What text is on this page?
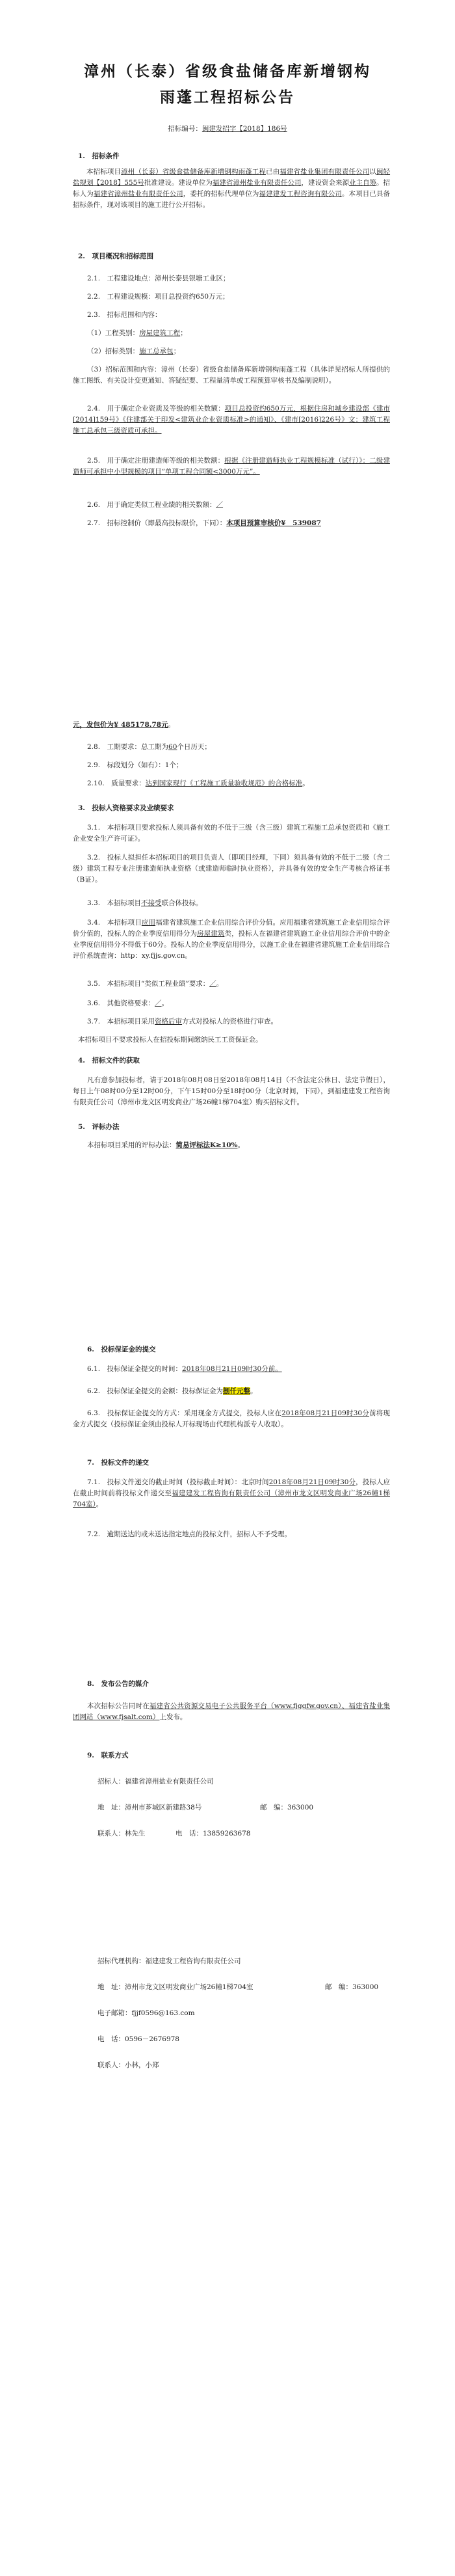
漳州（长泰）省级食盐储备库新增钢构
雨蓬工程招标公告
招标编号：闽建发招字【2018】186号
1.　招标条件
本招标项目漳州（长泰）省级食盐储备库新增钢构雨蓬工程已由福建省盐业集团有限责任公司以闽轻盐规划【2018】555号批准建设。建设单位为福建省漳州盐业有限责任公司，建设资金来源业主自筹。招标人为福建省漳州盐业有限责任公司，委托的招标代理单位为福建建发工程咨询有限公司。本项目已具备招标条件，现对该项目的施工进行公开招标。
2.　项目概况和招标范围
2.1.　工程建设地点：漳州长泰县银塘工业区；
2.2.　工程建设规模：项目总投资约650万元；
2.3.　招标范围和内容：
（1）工程类别：房屋建筑工程；
（2）招标类别：施工总承包；
（3）招标范围和内容：漳州（长泰）省级食盐储备库新增钢构雨蓬工程（具体详见招标人所提供的施工图纸、有关设计变更通知、答疑纪要、工程量清单或工程预算审核书及编制说明）。
2.4.　用于确定企业资质及等级的相关数额：项目总投资约650万元，根据住房和城乡建设部《建市[2014]159号》《住建部关于印发<建筑业企业资质标准>的通知》、《建市[2016]226号》文：建筑工程施工总承包三级资质可承担。
2.5.　用于确定注册建造师等级的相关数额：根据《注册建造师执业工程规模标准（试行）》：二级建造师可承担中小型规模的项目“单项工程合同额<3000万元”。
2.6.　用于确定类似工程业绩的相关数额：／
2.7.　招标控制价（即最高投标限价，下同）：本项目预算审核价¥　539087
元，发包价为¥ 485178.78元。
2.8.　工期要求：总工期为60个日历天；
2.9.　标段划分（如有）：1个；
2.10.　质量要求：达到国家现行《工程施工质量验收规范》的合格标准。
3.　投标人资格要求及业绩要求
3.1.　本招标项目要求投标人须具备有效的不低于三级（含三级）建筑工程施工总承包资质和《施工企业安全生产许可证》。
3.2.　投标人拟担任本招标项目的项目负责人（即项目经理，下同）须具备有效的不低于二级（含二级）建筑工程专业注册建造师执业资格（或建造师临时执业资格），并具备有效的安全生产考核合格证书（B证）。
3.3.　本招标项目不接受联合体投标。
3.4.　本招标项目应用福建省建筑施工企业信用综合评价分值。应用福建省建筑施工企业信用综合评价分值的，投标人的企业季度信用得分为房屋建筑类，投标人在福建省建筑施工企业信用综合评价中的企业季度信用得分不得低于60分。投标人的企业季度信用得分，以施工企业在福建省建筑施工企业信用综合评价系统查询：http：xy.fjjs.gov.cn。
3.5.　本招标项目“类似工程业绩”要求：／。
3.6.　其他资格要求：／。
3.7.　本招标项目采用资格后审方式对投标人的资格进行审查。
本招标项目不要求投标人在招投标期间缴纳民工工资保证金。
4.　招标文件的获取
凡有意参加投标者，请于2018年08月08日至2018年08月14日（不含法定公休日、法定节假日），每日上午08时00分至12时00分，下午15时00分至18时00分（北京时间，下同），到福建建发工程咨询有限责任公司（漳州市龙文区明发商业广场26幢1梯704室）购买招标文件。
5.　评标办法
本招标项目采用的评标办法：简易评标法K≥10%。
6.　投标保证金的提交
6.1.　投标保证金提交的时间：2018年08月21日09时30分前。
6.2.　投标保证金提交的金额：投标保证金为捌仟元整。
6.3.　投标保证金提交的方式：采用现金方式提交，投标人应在2018年08月21日09时30分前将现金方式提交（投标保证金须由投标人开标现场由代理机构派专人收取）。
7.　投标文件的递交
7.1.　投标文件递交的截止时间（投标截止时间）：北京时间2018年08月21日09时30分，投标人应在截止时间前将投标文件递交至福建建发工程咨询有限责任公司（漳州市龙文区明发商业广场26幢1梯704室）。
7.2.　逾期送达的或未送达指定地点的投标文件，招标人不予受理。
8.　发布公告的媒介
本次招标公告同时在福建省公共资源交易电子公共服务平台（www.fjggfw.gov.cn）、福建省盐业集团网站（www.fjsalt.com）上发布。
9.　联系方式
招标人：福建省漳州盐业有限责任公司
地　址：漳州市芗城区新建路38号	邮　编：363000
联系人：林先生	电　话：13859263678
招标代理机构：福建建发工程咨询有限责任公司
地　址：漳州市龙文区明发商业广场26幢1梯704室	邮　编：363000
电子邮箱：fjjf0596@163.com
电　话：0596－2676978
联系人：小林，小郑
